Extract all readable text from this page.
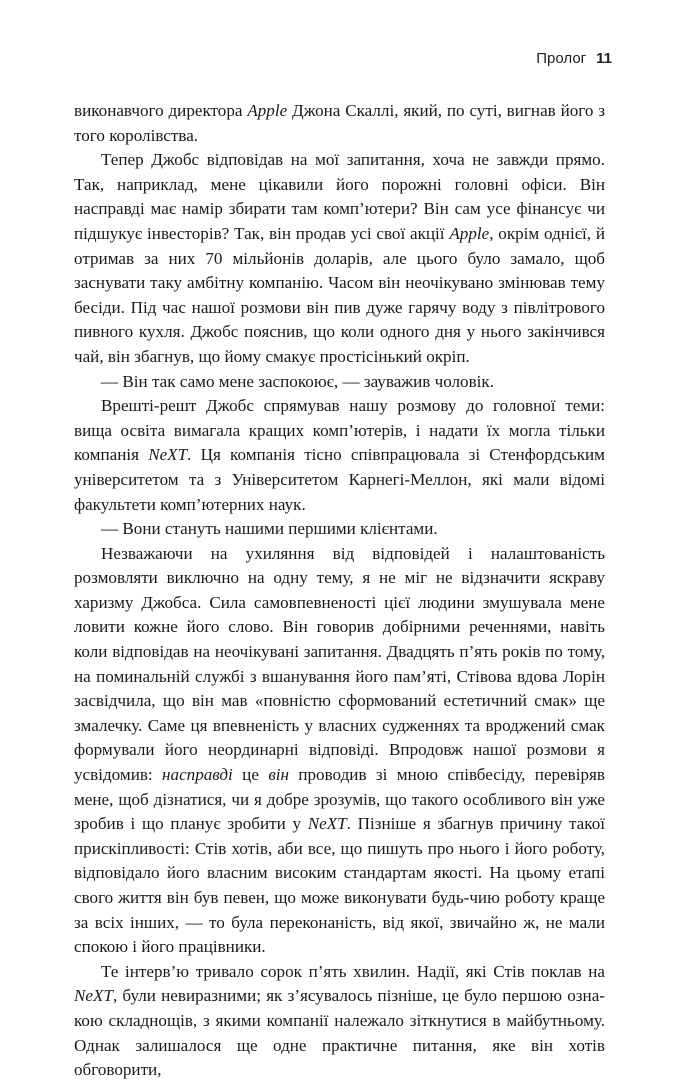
Пролог 11

виконавчого директора Apple Джона Скаллі, який, по суті, вигнав його з того королівства.

Тепер Джобс відповідав на мої запитання, хоча не завжди прямо. Так, наприклад, мене цікавили його порожні головні офіси. Він насправді має намір збирати там комп’ютери? Він сам усе фінансує чи підшукує інвесторів? Так, він продав усі свої акції Apple, окрім однієї, й отримав за них 70 мільйонів доларів, але цього було замало, щоб заснувати таку амбітну компанію. Часом він неочікувано змінював тему бесіди. Під час нашої розмови він пив дуже гарячу воду з півлітрового пивного кухля. Джобс пояснив, що коли одного дня у нього закінчився чай, він збагнув, що йому смакує простісінький окріп.

— Він так само мене заспокоює, — зауважив чоловік.

Врешті-решт Джобс спрямував нашу розмову до головної теми: вища освіта вимагала кращих комп’ютерів, і надати їх могла тільки компанія NeXT. Ця компанія тісно співпрацювала зі Стенфордським університетом та з Університетом Карнегі-Меллон, які мали відомі факультети комп’ютерних наук.

— Вони стануть нашими першими клієнтами.

Незважаючи на ухиляння від відповідей і налаштованість розмовляти виключно на одну тему, я не міг не відзначити яскраву харизму Джобса. Сила самовпевненості цієї людини змушувала мене ловити кожне його слово. Він говорив добірними реченнями, навіть коли відповідав на неочікувані запитання. Двадцять п’ять років по тому, на поминальній службі з вшанування його пам’яті, Стівова вдова Лорін засвідчила, що він мав «повністю сформований естетичний смак» ще змалечку. Саме ця впевненість у власних судженнях та вроджений смак формували його неординарні відповіді. Впродовж нашої розмови я усвідомив: насправді це він проводив зі мною співбесіду, перевіряв мене, щоб дізнатися, чи я добре зрозумів, що такого особливого він уже зробив і що планує зробити у NeXT. Пізніше я збагнув причину такої прискіпливості: Стів хотів, аби все, що пишуть про нього і його роботу, відповідало його власним високим стандартам якості. На цьому етапі свого життя він був певен, що може виконувати будь-чию роботу краще за всіх інших, — то була переконаність, від якої, звичайно ж, не мали спокою і його працівники.

Те інтерв’ю тривало сорок п’ять хвилин. Надії, які Стів поклав на NeXT, були невиразними; як з’ясувалось пізніше, це було першою ознакою складнощів, з якими компанії належало зіткнутися в майбутньому. Однак залишалося ще одне практичне питання, яке він хотів обговорити,
